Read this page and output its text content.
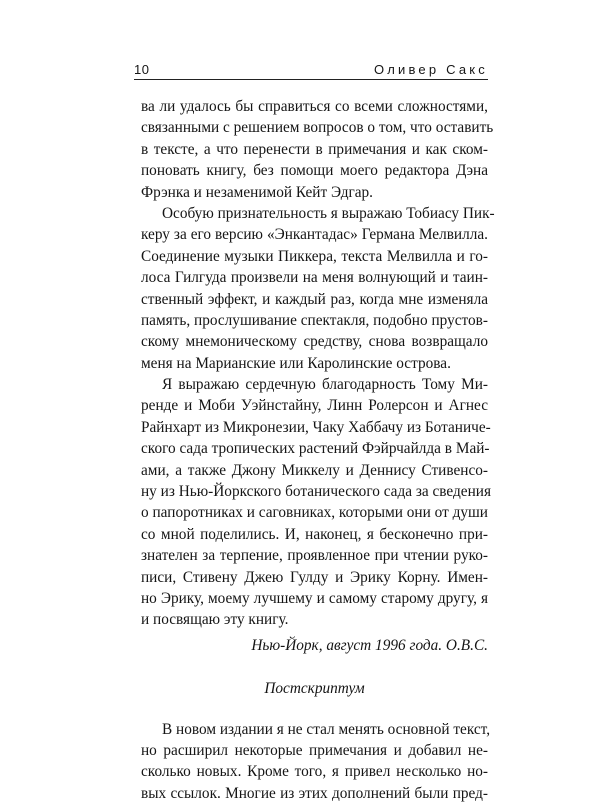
10	Оливер Сакс
ва ли удалось бы справиться со всеми сложностями,
связанными с решением вопросов о том, что оставить
в тексте, а что перенести в примечания и как ском-
поновать книгу, без помощи моего редактора Дэна
Фрэнка и незаменимой Кейт Эдгар.
Особую признательность я выражаю Тобиасу Пик-
керу за его версию «Энкантадас» Германа Мелвилла.
Соединение музыки Пиккера, текста Мелвилла и го-
лоса Гилгуда произвели на меня волнующий и таин-
ственный эффект, и каждый раз, когда мне изменяла
память, прослушивание спектакля, подобно прустов-
скому мнемоническому средству, снова возвращало
меня на Марианские или Каролинские острова.
Я выражаю сердечную благодарность Тому Ми-
ренде и Моби Уэйнстайну, Линн Ролерсон и Агнес
Райнхарт из Микронезии, Чаку Хаббачу из Ботаниче-
ского сада тропических растений Фэйрчайлда в Май-
ами, а также Джону Миккелу и Деннису Стивенсо-
ну из Нью-Йоркского ботанического сада за сведения
о папоротниках и саговниках, которыми они от души
со мной поделились. И, наконец, я бесконечно при-
знателен за терпение, проявленное при чтении руко-
писи, Стивену Джею Гулду и Эрику Корну. Имен-
но Эрику, моему лучшему и самому старому другу, я
и посвящаю эту книгу.
Нью-Йорк, август 1996 года. О.В.С.
Постскриптум
В новом издании я не стал менять основной текст,
но расширил некоторые примечания и добавил не-
сколько новых. Кроме того, я привел несколько но-
вых ссылок. Многие из этих дополнений были пред-
